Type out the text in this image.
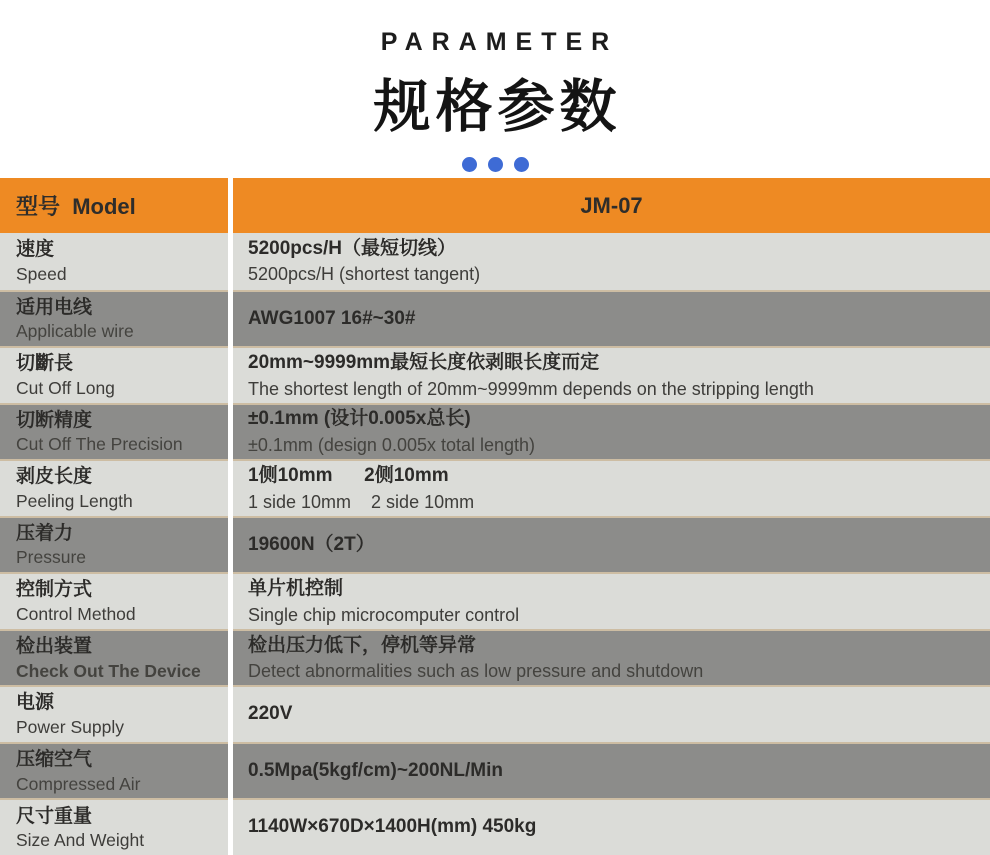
PARAMETER
规格参数
型号  Model	JM-07
速度
Speed
5200pcs/H（最短切线）
5200pcs/H (shortest tangent)
适用电线
Applicable wire
AWG1007 16#~30#
切斷長
Cut Off Long
20mm~9999mm最短长度依剥眼长度而定
The shortest length of 20mm~9999mm depends on the stripping length
切断精度
Cut Off The Precision
±0.1mm (设计0.005x总长)
±0.1mm (design 0.005x total length)
剥皮长度
Peeling Length
1侧10mm      2侧10mm
1 side 10mm    2 side 10mm
压着力
Pressure
19600N（2T）
控制方式
Control Method
单片机控制
Single chip microcomputer control
检出装置
Check Out The Device
检出压力低下，停机等异常
Detect abnormalities such as low pressure and shutdown
电源
Power Supply
220V
压缩空气
Compressed Air
0.5Mpa(5kgf/cm)~200NL/Min
尺寸重量
Size And Weight
1140W×670D×1400H(mm) 450kg
